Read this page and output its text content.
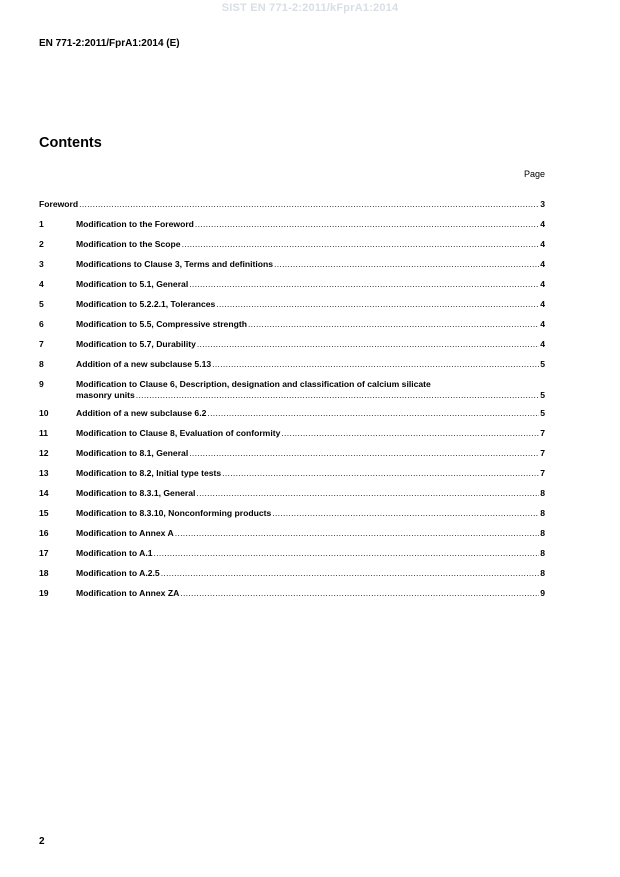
SIST EN 771-2:2011/kFprA1:2014
EN 771-2:2011/FprA1:2014 (E)
Contents
Page
Foreword .....	3
1	Modification to the Foreword .....	4
2	Modification to the Scope .....	4
3	Modifications to Clause 3, Terms and definitions .....	4
4	Modification to 5.1, General .....	4
5	Modification to 5.2.2.1, Tolerances .....	4
6	Modification to 5.5, Compressive strength .....	4
7	Modification to 5.7, Durability .....	4
8	Addition of a new subclause 5.13 .....	5
9	Modification to Clause 6, Description, designation and classification of calcium silicate
masonry units .....	5
10	Addition of a new subclause 6.2 .....	5
11	Modification to Clause 8, Evaluation of conformity .....	7
12	Modification to 8.1, General .....	7
13	Modification to 8.2, Initial type tests .....	7
14	Modification to 8.3.1, General .....	8
15	Modification to 8.3.10, Nonconforming products .....	8
16	Modification to Annex A .....	8
17	Modification to A.1 .....	8
18	Modification to A.2.5 .....	8
19	Modification to Annex ZA .....	9
2
